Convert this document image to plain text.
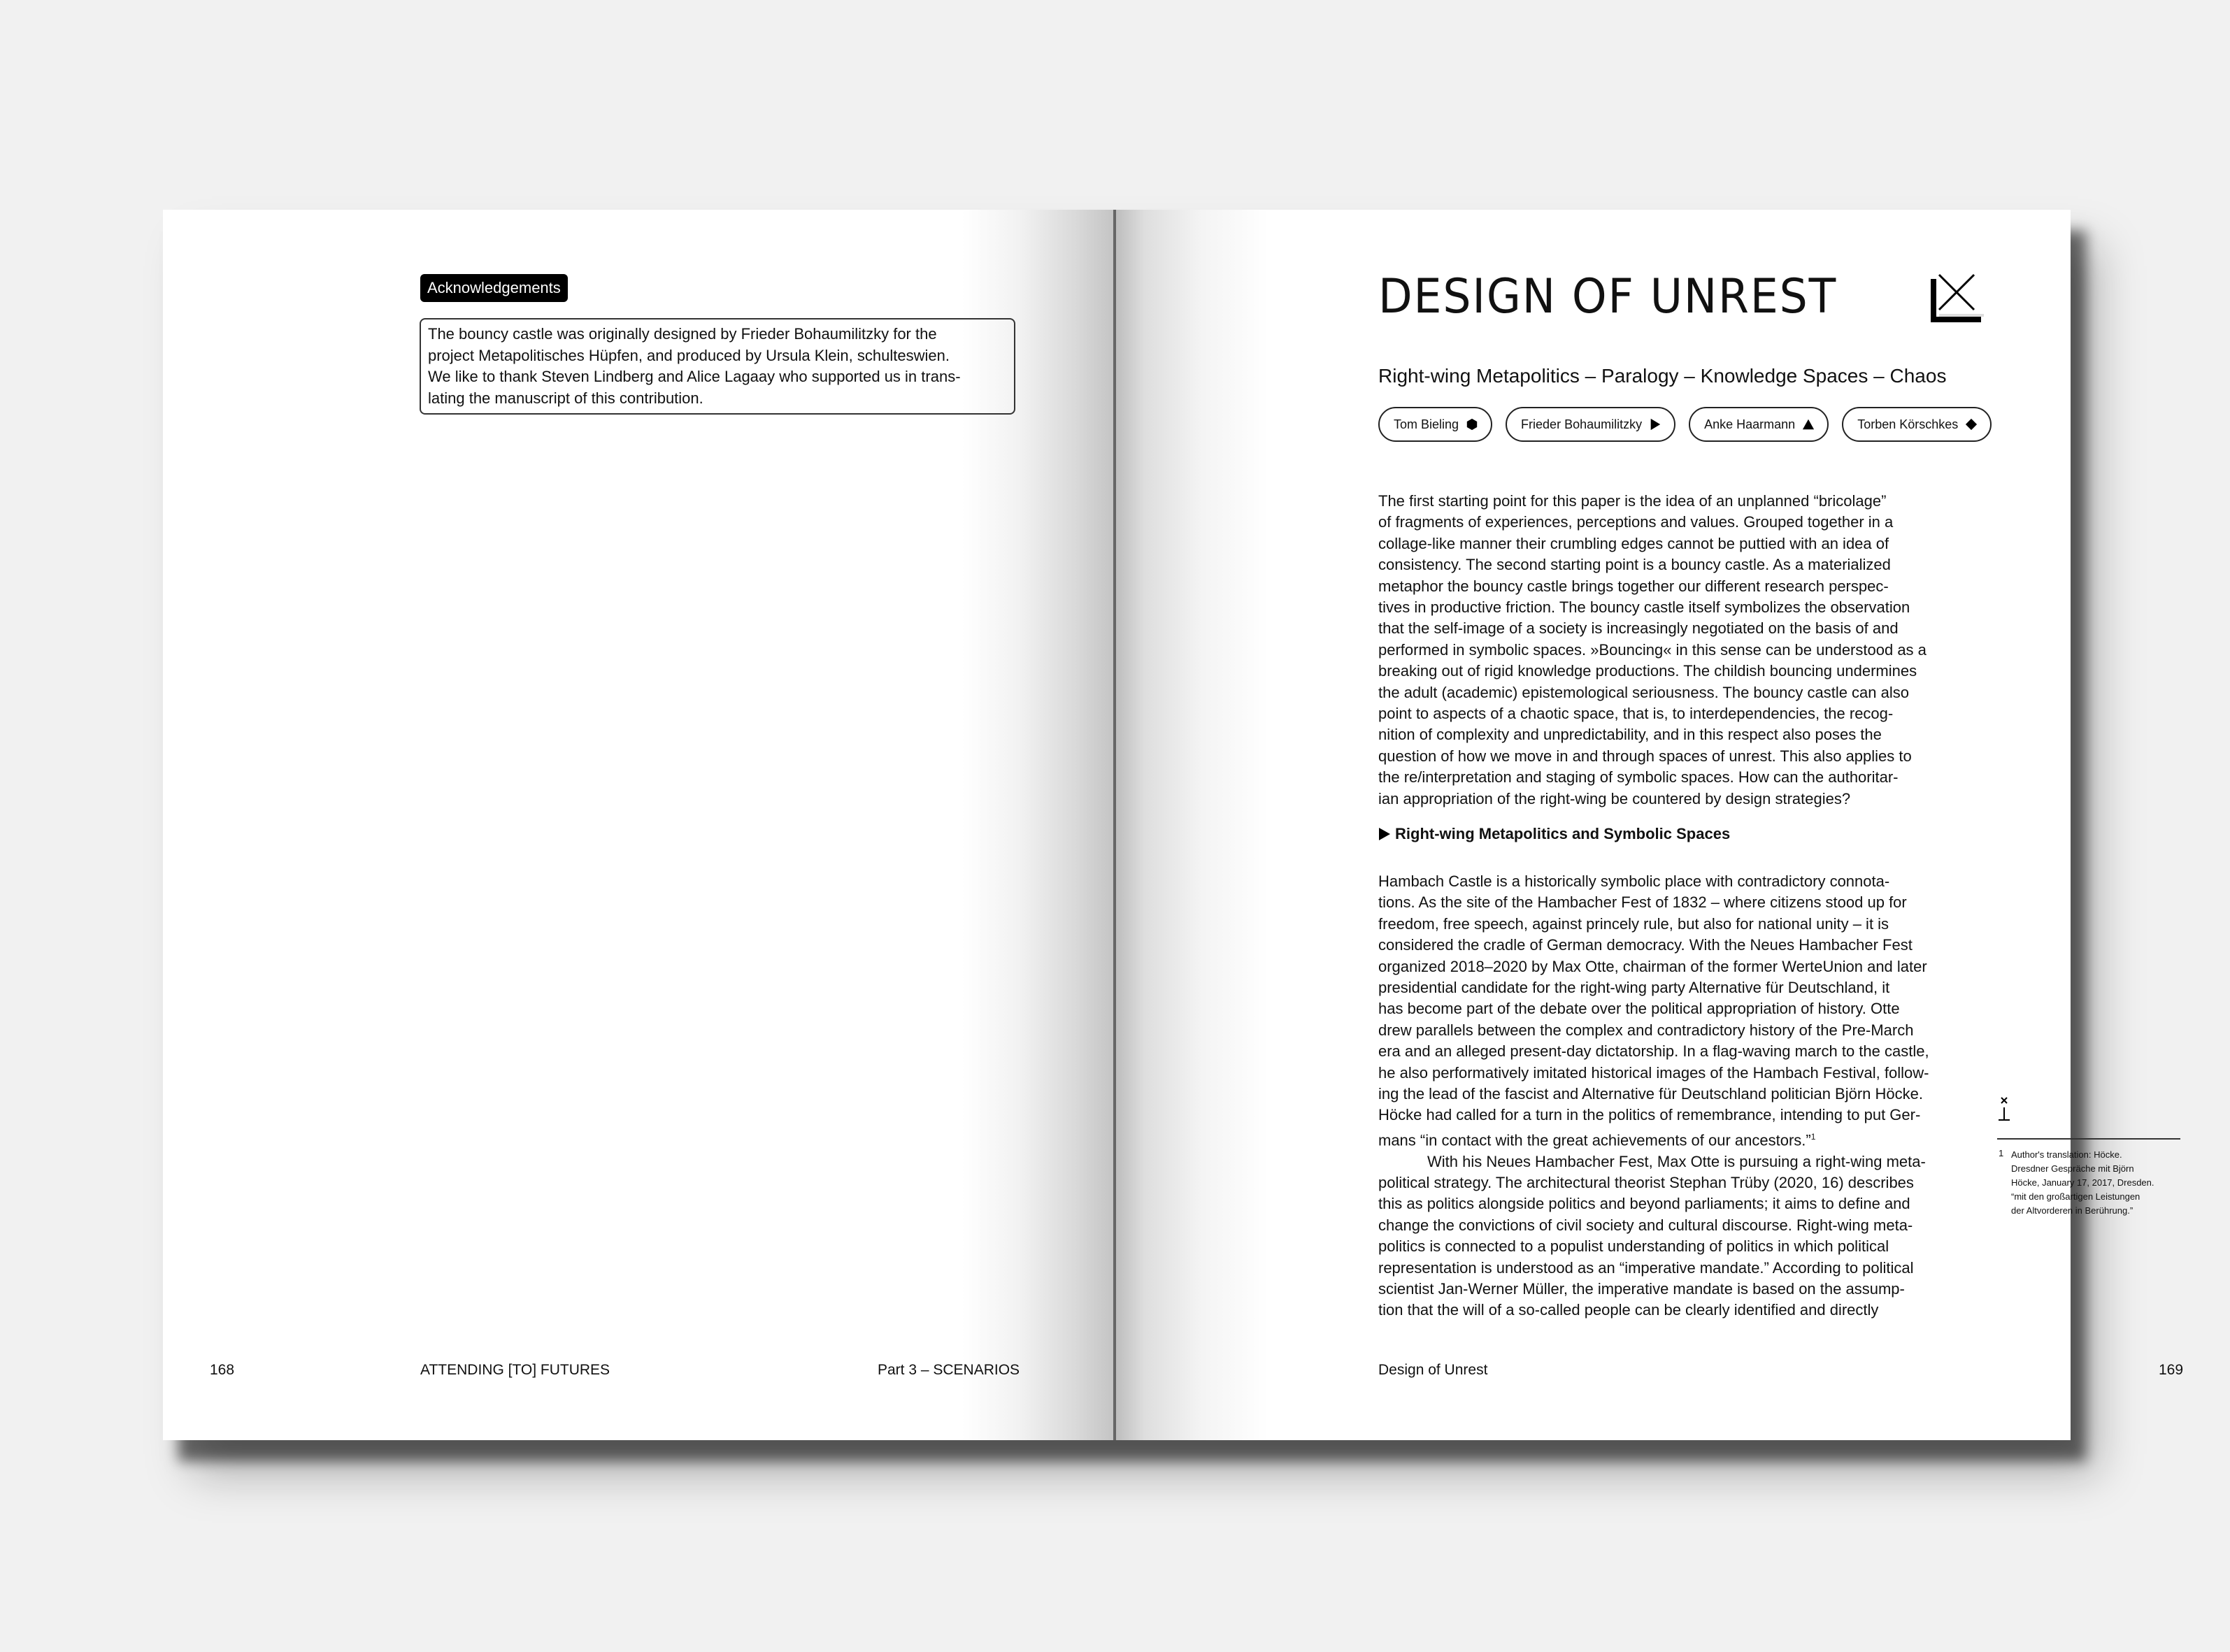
Acknowledgements
The bouncy castle was originally designed by Frieder Bohaumilitzky for the
project Metapolitisches Hüpfen, and produced by Ursula Klein, schulteswien.
We like to thank Steven Lindberg and Alice Lagaay who supported us in trans-
lating the manuscript of this contribution.
168	ATTENDING [TO] FUTURES	Part 3 – SCENARIOS
DESIGN OF UNREST
Right-wing Metapolitics – Paralogy – Knowledge Spaces – Chaos
Tom Bieling	Frieder Bohaumilitzky	Anke Haarmann	Torben Körschkes
The first starting point for this paper is the idea of an unplanned “bricolage”
of fragments of experiences, perceptions and values. Grouped together in a
collage-like manner their crumbling edges cannot be puttied with an idea of
consistency. The second starting point is a bouncy castle. As a materialized
metaphor the bouncy castle brings together our different research perspec-
tives in productive friction. The bouncy castle itself symbolizes the observation
that the self-image of a society is increasingly negotiated on the basis of and
performed in symbolic spaces. »Bouncing« in this sense can be understood as a
breaking out of rigid knowledge productions. The childish bouncing undermines
the adult (academic) epistemological seriousness. The bouncy castle can also
point to aspects of a chaotic space, that is, to interdependencies, the recog-
nition of complexity and unpredictability, and in this respect also poses the
question of how we move in and through spaces of unrest. This also applies to
the re/interpretation and staging of symbolic spaces. How can the authoritar-
ian appropriation of the right-wing be countered by design strategies?
Right-wing Metapolitics and Symbolic Spaces
Hambach Castle is a historically symbolic place with contradictory connota-
tions. As the site of the Hambacher Fest of 1832 – where citizens stood up for
freedom, free speech, against princely rule, but also for national unity – it is
considered the cradle of German democracy. With the Neues Hambacher Fest
organized 2018–2020 by Max Otte, chairman of the former WerteUnion and later
presidential candidate for the right-wing party Alternative für Deutschland, it
has become part of the debate over the political appropriation of history. Otte
drew parallels between the complex and contradictory history of the Pre-March
era and an alleged present-day dictatorship. In a flag-waving march to the castle,
he also performatively imitated historical images of the Hambach Festival, follow-
ing the lead of the fascist and Alternative für Deutschland politician Björn Höcke.
Höcke had called for a turn in the politics of remembrance, intending to put Ger-
mans “in contact with the great achievements of our ancestors.”$^1$
With his Neues Hambacher Fest, Max Otte is pursuing a right-wing meta-
political strategy. The architectural theorist Stephan Trüby (2020, 16) describes
this as politics alongside politics and beyond parliaments; it aims to define and
change the convictions of civil society and cultural discourse. Right-wing meta-
politics is connected to a populist understanding of politics in which political
representation is understood as an “imperative mandate.” According to political
scientist Jan-Werner Müller, the imperative mandate is based on the assump-
tion that the will of a so-called people can be clearly identified and directly
1 Author's translation: Höcke.
Dresdner Gespräche mit Björn
Höcke, January 17, 2017, Dresden.
“mit den großartigen Leistungen
der Altvorderen in Berührung.”
Design of Unrest	169
